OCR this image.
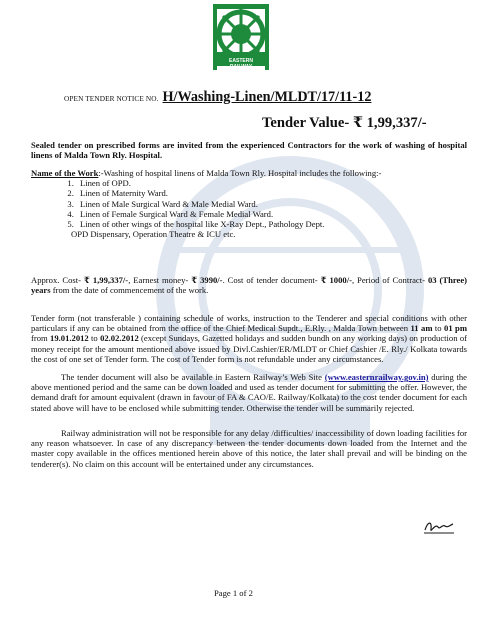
EASTERN
RAILWAY
OPEN TENDER NOTICE NO. H/Washing-Linen/MLDT/17/11-12
Tender Value- ₹ 1,99,337/-
Sealed tender on prescribed forms are invited from the experienced Contractors for the work of washing of hospital linens of Malda Town Rly. Hospital.
Name of the Work:-Washing of hospital linens of Malda Town Rly. Hospital includes the following:-
1. Linen of OPD.
2. Linen of Maternity Ward.
3. Linen of Male Surgical Ward & Male Medial Ward.
4. Linen of Female Surgical Ward & Female Medial Ward.
5. Linen of other wings of the hospital like X-Ray Dept., Pathology Dept.
OPD Dispensary, Operation Theatre & ICU etc.
Approx. Cost- ₹ 1,99,337/-, Earnest money- ₹ 3990/-. Cost of tender document- ₹ 1000/-, Period of Contract- 03 (Three) years from the date of commencement of the work.
Tender form (not transferable ) containing schedule of works, instruction to the Tenderer and special conditions with other particulars if any can be obtained from the office of the Chief Medical Supdt., E.Rly. , Malda Town between 11 am to 01 pm from 19.01.2012 to 02.02.2012 (except Sundays, Gazetted holidays and sudden bundh on any working days) on production of money receipt for the amount mentioned above issued by Divl.Cashier/ER/MLDT or Chief Cashier /E. Rly./ Kolkata towards the cost of one set of Tender form. The cost of Tender form is not refundable under any circumstances.
The tender document will also be available in Eastern Railway’s Web Site (www.easternrailway.gov.in) during the above mentioned period and the same can be down loaded and used as tender document for submitting the offer. However, the demand draft for amount equivalent (drawn in favour of FA & CAO/E. Railway/Kolkata) to the cost tender document for each stated above will have to be enclosed while submitting tender. Otherwise the tender will be summarily rejected.
Railway administration will not be responsible for any delay /difficulties/ inaccessibility of down loading facilities for any reason whatsoever. In case of any discrepancy between the tender documents down loaded from the Internet and the master copy available in the offices mentioned herein above of this notice, the later shall prevail and will be binding on the tenderer(s). No claim on this account will be entertained under any circumstances.
Page 1 of 2
